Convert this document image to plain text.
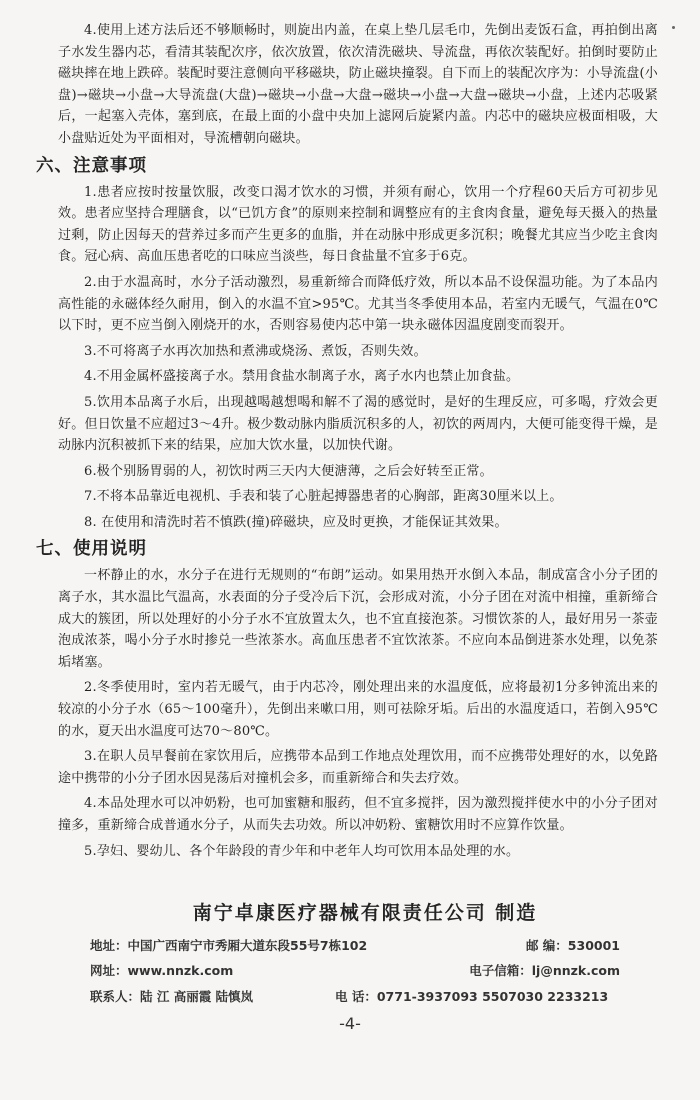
4.使用上述方法后还不够顺畅时，则旋出内盖，在桌上垫几层毛巾，先倒出麦饭石盒，再拍倒出离子水发生器内芯，看清其装配次序，依次放置，依次清洗磁块、导流盘，再依次装配好。拍倒时要防止磁块摔在地上跌碎。装配时要注意侧向平移磁块，防止磁块撞裂。自下而上的装配次序为：小导流盘(小盘)→磁块→小盘→大导流盘(大盘)→磁块→小盘→大盘→磁块→小盘→大盘→磁块→小盘，上述内芯吸紧后，一起塞入壳体，塞到底，在最上面的小盘中央加上滤网后旋紧内盖。内芯中的磁块应极面相吸，大小盘贴近处为平面相对，导流槽朝向磁块。

六、注意事项

1.患者应按时按量饮服，改变口渴才饮水的习惯，并须有耐心，饮用一个疗程60天后方可初步见效。患者应坚持合理膳食，以“已饥方食”的原则来控制和调整应有的主食肉食量，避免每天摄入的热量过剩，防止因每天的营养过多而产生更多的血脂，并在动脉中形成更多沉积；晚餐尤其应当少吃主食肉食。冠心病、高血压患者吃的口味应当淡些，每日食盐量不宜多于6克。

2.由于水温高时，水分子活动激烈，易重新缔合而降低疗效，所以本品不设保温功能。为了本品内高性能的永磁体经久耐用，倒入的水温不宜>95℃。尤其当冬季使用本品，若室内无暖气，气温在0℃以下时，更不应当倒入刚烧开的水，否则容易使内芯中第一块永磁体因温度剧变而裂开。

3.不可将离子水再次加热和煮沸或烧汤、煮饭，否则失效。

4.不用金属杯盛接离子水。禁用食盐水制离子水，离子水内也禁止加食盐。

5.饮用本品离子水后，出现越喝越想喝和解不了渴的感觉时，是好的生理反应，可多喝，疗效会更好。但日饮量不应超过3～4升。极少数动脉内脂质沉积多的人，初饮的两周内，大便可能变得干燥，是动脉内沉积被抓下来的结果，应加大饮水量，以加快代谢。

6.极个别肠胃弱的人，初饮时两三天内大便溏薄，之后会好转至正常。

7.不将本品靠近电视机、手表和装了心脏起搏器患者的心胸部，距离30厘米以上。

8. 在使用和清洗时若不慎跌(撞)碎磁块，应及时更换，才能保证其效果。

七、使用说明

一杯静止的水，水分子在进行无规则的“布朗”运动。如果用热开水倒入本品，制成富含小分子团的离子水，其水温比气温高，水表面的分子受冷后下沉，会形成对流，小分子团在对流中相撞，重新缔合成大的簇团，所以处理好的小分子水不宜放置太久，也不宜直接泡茶。习惯饮茶的人，最好用另一茶壶泡成浓茶，喝小分子水时掺兑一些浓茶水。高血压患者不宜饮浓茶。不应向本品倒进茶水处理，以免茶垢堵塞。

2.冬季使用时，室内若无暖气，由于内芯冷，刚处理出来的水温度低，应将最初1分多钟流出来的较凉的小分子水（65～100毫升），先倒出来嗽口用，则可祛除牙垢。后出的水温度适口，若倒入95℃的水，夏天出水温度可达70～80℃。

3.在职人员早餐前在家饮用后，应携带本品到工作地点处理饮用，而不应携带处理好的水，以免路途中携带的小分子团水因晃荡后对撞机会多，而重新缔合和失去疗效。

4.本品处理水可以冲奶粉，也可加蜜糖和服药，但不宜多搅拌，因为激烈搅拌使水中的小分子团对撞多，重新缔合成普通水分子，从而失去功效。所以冲奶粉、蜜糖饮用时不应算作饮量。

5.孕妇、婴幼儿、各个年龄段的青少年和中老年人均可饮用本品处理的水。

南宁卓康医疗器械有限责任公司 制造

地址：中国广西南宁市秀厢大道东段55号7栋102	邮 编：530001
网址：www.nnzk.com	电子信箱：lj@nnzk.com
联系人：陆 江 高丽霞 陆慎岚	电 话：0771-3937093 5507030 2233213
-4-
